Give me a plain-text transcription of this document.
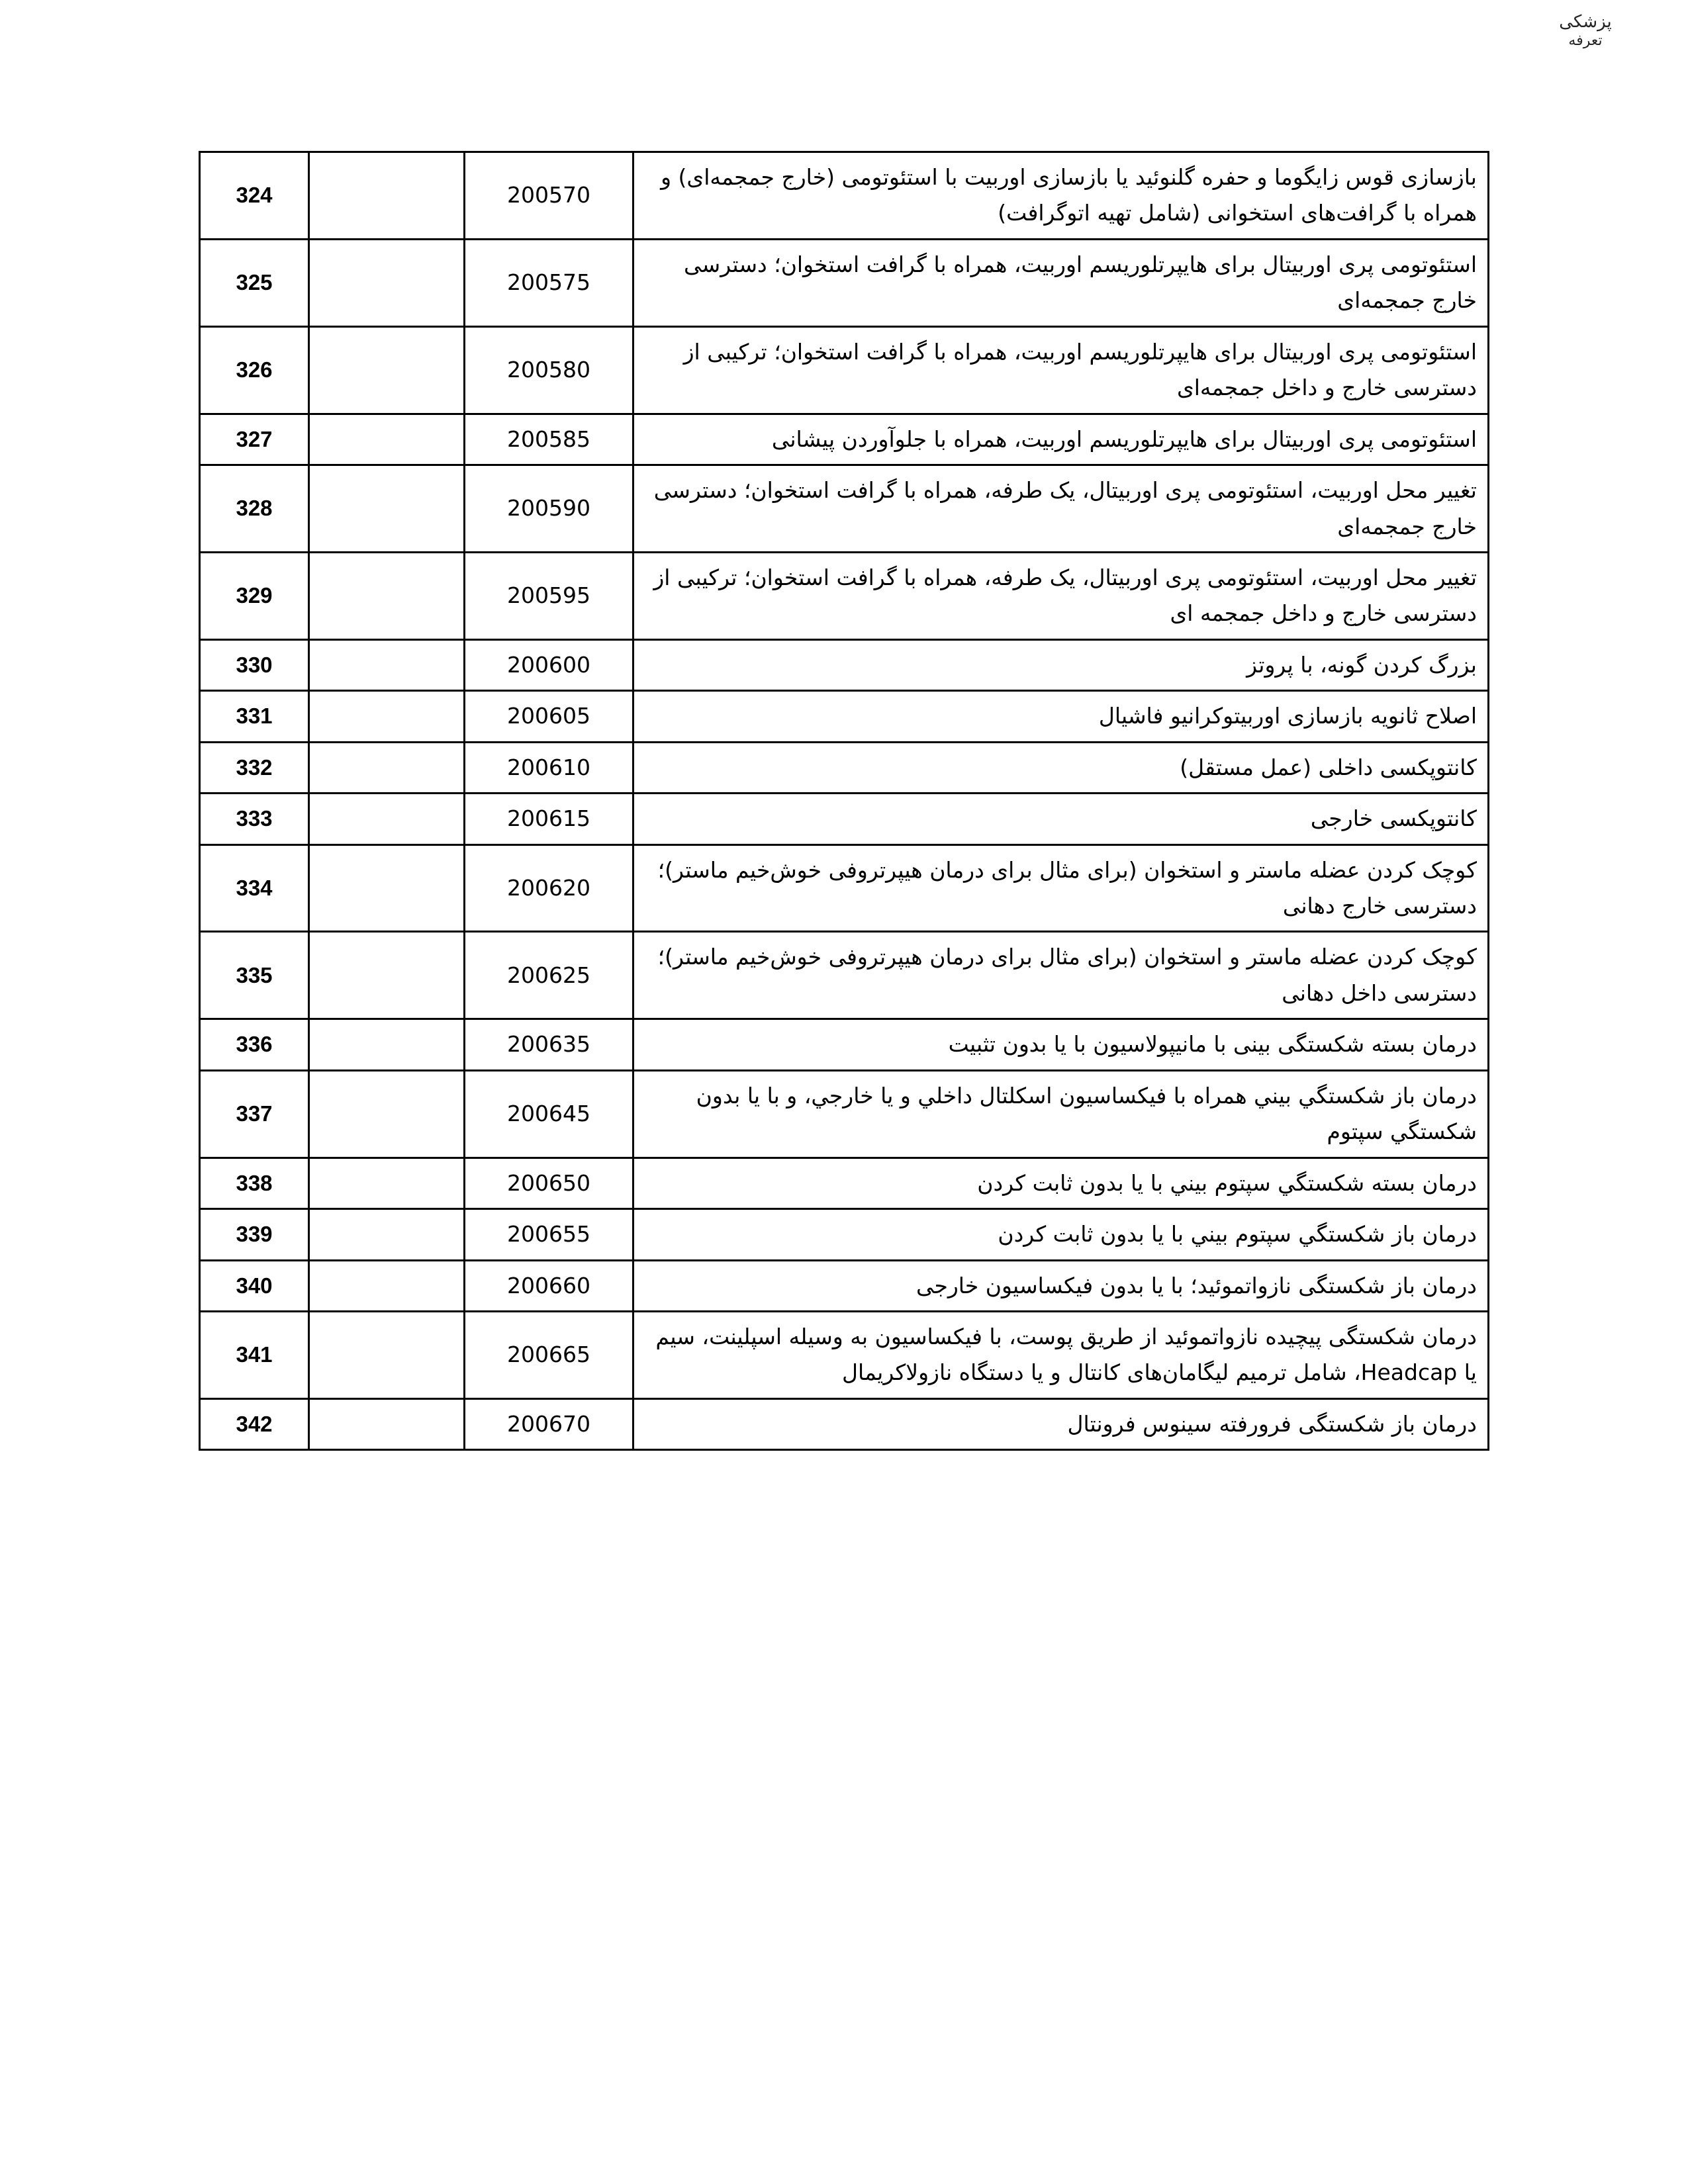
پزشکی
تعرفه
بازسازی قوس زایگوما و حفره گلنوئید یا بازسازی اوربیت با استئوتومی (خارج جمجمه‌ای) و همراه با گرافت‌های استخوانی (شامل تهیه اتوگرافت)	200570		324
استئوتومی پری اوربیتال برای هایپرتلوریسم اوربیت، همراه با گرافت استخوان؛ دسترسی خارج جمجمه‌ای	200575		325
استئوتومی پری اوربیتال برای هایپرتلوریسم اوربیت، همراه با گرافت استخوان؛ ترکیبی از دسترسی خارج و داخل جمجمه‌ای	200580		326
استئوتومی پری اوربیتال برای هایپرتلوریسم اوربیت، همراه با جلوآوردن پیشانی	200585		327
تغییر محل اوربیت، استئوتومی پری اوربیتال، یک طرفه، همراه با گرافت استخوان؛ دسترسی خارج جمجمه‌ای	200590		328
تغییر محل اوربیت، استئوتومی پری اوربیتال، یک طرفه، همراه با گرافت استخوان؛ ترکیبی از دسترسی خارج و داخل جمجمه ای	200595		329
بزرگ کردن گونه، با پروتز	200600		330
اصلاح ثانویه بازسازی اوربیتوکرانیو فاشیال	200605		331
کانتوپکسی داخلی (عمل مستقل)	200610		332
کانتوپکسی خارجی	200615		333
کوچک کردن عضله ماستر و استخوان (برای مثال برای درمان هیپرتروفی خوش‌خیم ماستر)؛ دسترسی خارج دهانی	200620		334
کوچک کردن عضله ماستر و استخوان (برای مثال برای درمان هیپرتروفی خوش‌خیم ماستر)؛ دسترسی داخل دهانی	200625		335
درمان بسته شکستگی بینی با مانیپولاسیون با یا بدون تثبیت	200635		336
درمان باز شکستگي بيني همراه با فيکساسيون اسکلتال داخلي و یا خارجي، و با یا بدون شکستگي سپتوم	200645		337
درمان بسته شکستگي سپتوم بيني با یا بدون ثابت کردن	200650		338
درمان باز شکستگي سپتوم بيني با یا بدون ثابت کردن	200655		339
درمان باز شکستگی نازواتموئید؛ با یا بدون فیکساسیون خارجی	200660		340
درمان شکستگی پیچیده نازواتموئید از طریق پوست، با فیکساسیون به وسیله اسپلینت، سیم یا Headcap، شامل ترمیم لیگامان‌های کانتال و یا دستگاه نازولاکریمال	200665		341
درمان باز شکستگی فرورفته سینوس فرونتال	200670		342
